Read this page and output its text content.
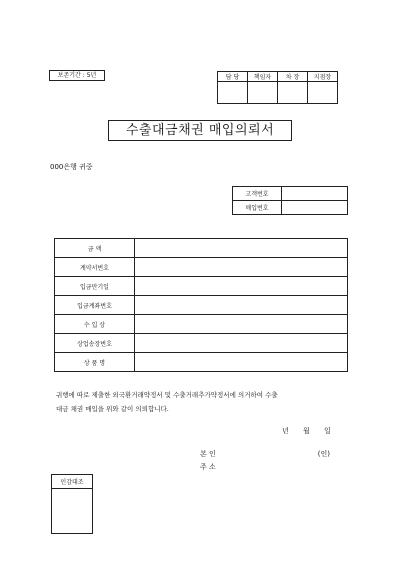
보존기간 : 5년	담 당	책임자	차 장	지점장

수출대금채권 매입의뢰서
000은행 귀중
고객번호	
매입번호	
금 액	
계약서번호	
입금만기일	
입금계좌번호	
수 입 상	
상업송장번호	
상 품 명	
귀행에 따로 제출한 외국환거래약정서 및 수출거래추가약정서에 의거하여 수출
대금 채권 매입을 위와 같이 의뢰합니다.
년 월 일
본 인	(인)
주 소
인감대조
